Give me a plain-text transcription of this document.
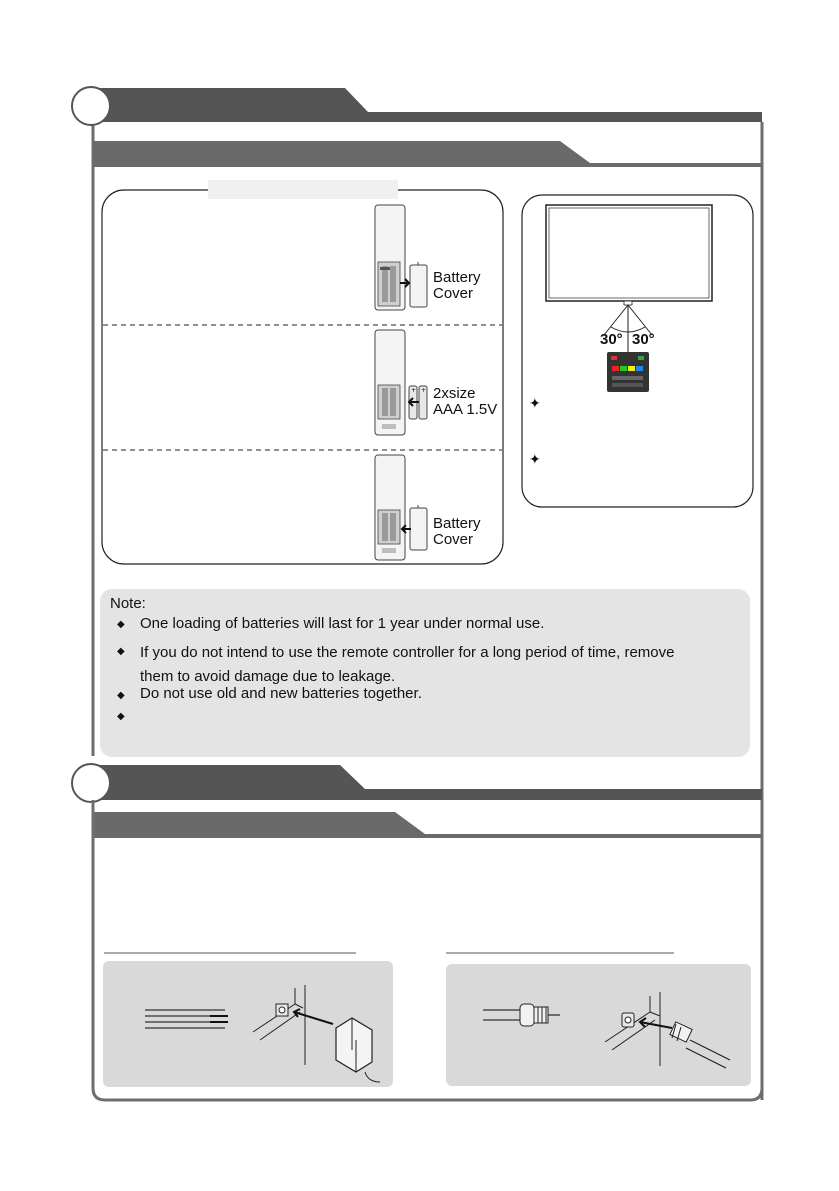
+ +
Battery
Cover
2xsize
AAA 1.5V
Battery
Cover
30° 30°
✦
✦
Note:
◆ One loading of batteries will last for 1 year under normal use.
◆ If you do not intend to use the remote controller for a long period of time, remove
them to avoid damage due to leakage.
◆ Do not use old and new batteries together.
◆
